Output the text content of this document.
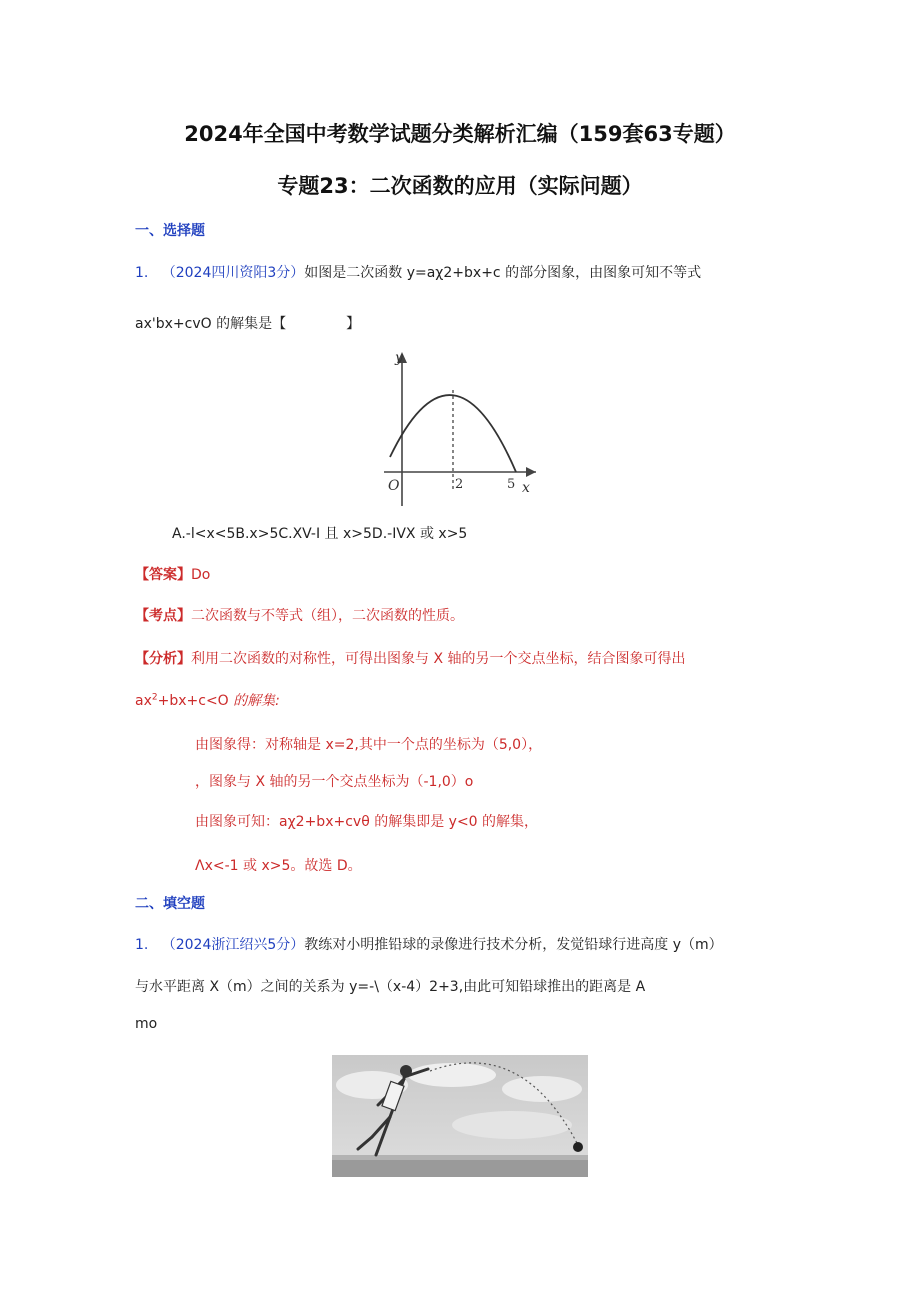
2024年全国中考数学试题分类解析汇编（159套63专题）
专题23：二次函数的应用（实际问题）
一、选择题
1. （2024四川资阳3分）如图是二次函数 y=aχ2+bx+c 的部分图象，由图象可知不等式
ax'bx+cvO 的解集是【	】
y
O	2	5 x
A.-l<x<5B.x>5C.XV-I 且 x>5D.-IVX 或 x>5
【答案】Do
【考点】二次函数与不等式（组），二次函数的性质。
【分析】利用二次函数的对称性，可得出图象与 X 轴的另一个交点坐标，结合图象可得出
$ax^2+bx+c<O$ 的解集:
由图象得：对称轴是 x=2,其中一个点的坐标为（5,0），
，图象与 X 轴的另一个交点坐标为（-1,0）o
由图象可知：aχ2+bx+cvθ 的解集即是 y<0 的解集，
Λx<-1 或 x>5。故选 D。
二、填空题
1. （2024浙江绍兴5分）教练对小明推铅球的录像进行技术分析，发觉铅球行进高度 y（m）
与水平距离 X（m）之间的关系为 y=-\（x-4）2+3,由此可知铅球推出的距离是 A
mo
